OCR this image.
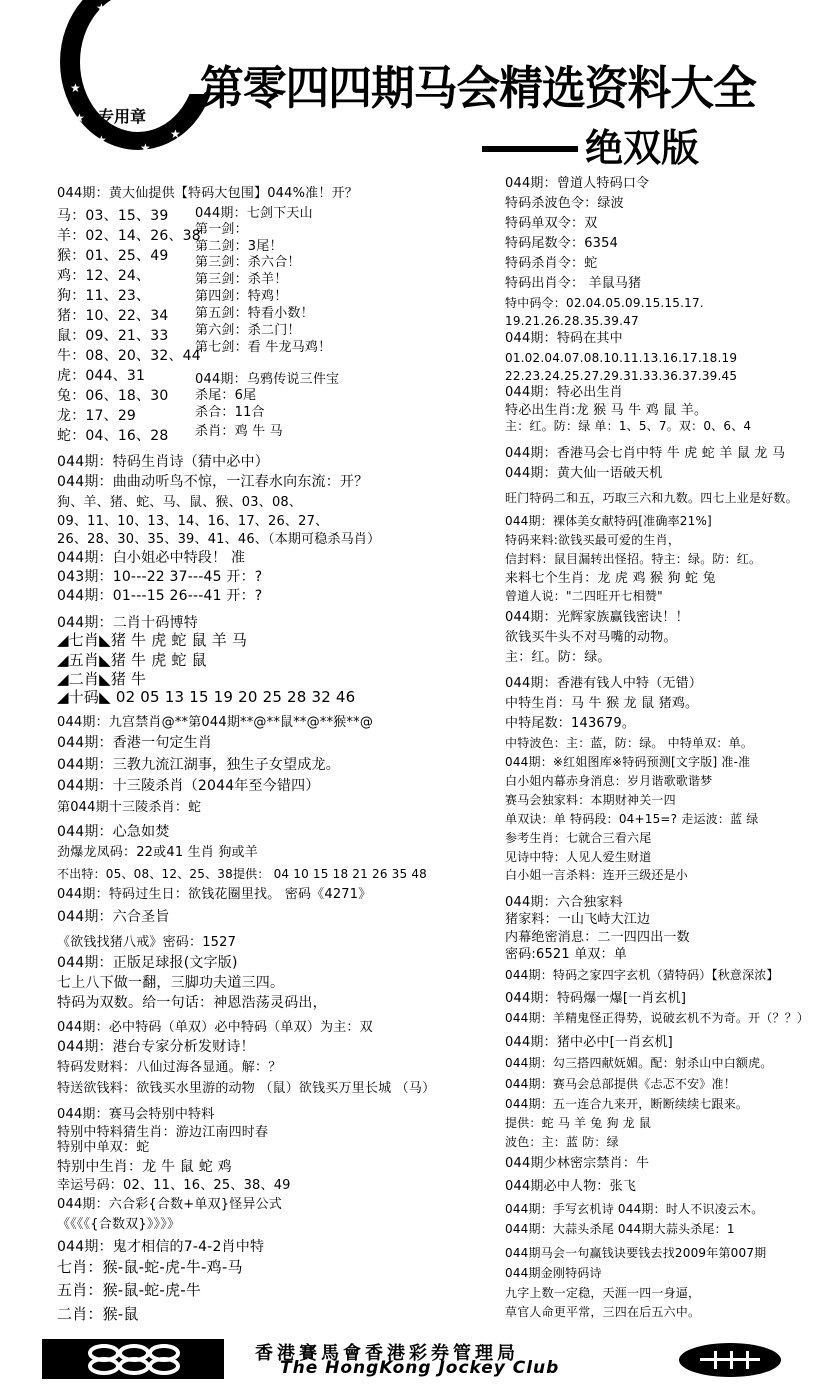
★
★
★
★
★
★
专用章
第零四四期马会精选资料大全
绝双版
044期：黄大仙提供【特码大包围】044%准！开？
马：03、15、39
羊：02、14、26、38
猴：01、25、49
鸡：12、24、
狗：11、23、
猪：10、22、34
鼠：09、21、33
牛：08、20、32、44
虎：044、31
兔：06、18、30
龙：17、29
蛇：04、16、28
044期：七剑下天山
第一剑：
第二剑：3尾！
第三剑：杀六合！
第三剑：杀羊！
第四剑：特鸡！
第五剑：特看小数！
第六剑：杀二门！
第七剑：看 牛龙马鸡！
044期：乌鸦传说三件宝
杀尾：6尾
杀合：11合
杀肖：鸡 牛 马
044期：特码生肖诗（猜中必中）
044期：曲曲动听鸟不惊，一江春水向东流：开？
狗、羊、猪、蛇、马、鼠、猴、03、08、
09、11、10、13、14、16、17、26、27、
26、28、30、35、39、41、46、（本期可稳杀马肖）
044期：白小姐必中特段！ 准
043期：10---22 37---45 开：?
044期：01---15 26---41 开：?
044期：二肖十码博特
◢七肖◣猪 牛 虎 蛇 鼠 羊 马
◢五肖◣猪 牛 虎 蛇 鼠
◢二肖◣猪 牛
◢十码◣ 02 05 13 15 19 20 25 28 32 46
044期：九宫禁肖@**第044期**@**鼠**@**猴**@
044期：香港一句定生肖
044期：三教九流江湖事，独生子女望成龙。
044期：十三陵杀肖（2044年至今错四）
第044期十三陵杀肖：蛇
044期：心急如焚
劲爆龙凤码：22或41 生肖 狗或羊
不出特：05、08、12、25、38提供： 04 10 15 18 21 26 35 48
044期：特码过生日：欲钱花圈里找。 密码《4271》
044期：六合圣旨
《欲钱找猪八戒》密码：1527
044期：正版足球报(文字版)
七上八下做一翻，三脚功夫道三四。
特码为双数。给一句话：神恩浩荡灵码出，
044期：必中特码（单双）必中特码（单双）为主：双
044期：港台专家分析发财诗！
特码发财料：八仙过海各显通。解：？
特送欲钱料：欲钱买水里游的动物 （鼠）欲钱买万里长城 （马）
044期：赛马会特别中特料
特别中特料猜生肖：游边江南四时春
特别中单双：蛇
特别中生肖：龙 牛 鼠 蛇 鸡
幸运号码：02、11、16、25、38、49
044期：六合彩{合数+单双}怪异公式
《《《《{合数双}》》》》
044期：鬼才相信的7-4-2肖中特
七肖：猴-鼠-蛇-虎-牛-鸡-马
五肖：猴-鼠-蛇-虎-牛
二肖：猴-鼠
044期：曾道人特码口令
特码杀波色令：绿波
特码单双令：双
特码尾数令：6354
特码杀肖令：蛇
特码出肖令： 羊鼠马猪
特中码令：02.04.05.09.15.15.17.
19.21.26.28.35.39.47
044期：特码在其中
01.02.04.07.08.10.11.13.16.17.18.19
22.23.24.25.27.29.31.33.36.37.39.45
044期：特必出生肖
特必出生肖:龙 猴 马 牛 鸡 鼠 羊。
主：红。防：绿 单：1、5、7。双：0、6、4
044期：香港马会七肖中特 牛 虎 蛇 羊 鼠 龙 马
044期：黄大仙一语破天机
旺门特码二和五，巧取三六和九数。四七上业是好数。
044期：裸体美女献特码[准确率21%]
特码来料:欲钱买最可爱的生肖，
信封料：鼠目漏转出怪招。特主：绿。防：红。
来料七个生肖：龙 虎 鸡 猴 狗 蛇 兔
曾道人说："二四旺开七相赞"
044期：光辉家族赢钱密诀！！
欲钱买牛头不对马嘴的动物。
主：红。防：绿。
044期：香港有钱人中特（无错）
中特生肖：马 牛 猴 龙 鼠 猪鸡。
中特尾数：143679。
中特波色：主：蓝，防：绿。 中特单双：单。
044期：※红姐图库※特码预测[文字版] 准-准
白小姐内幕赤身消息：岁月谐歌歌谐梦
赛马会独家料：本期财神关一四
单双诀：单 特码段：04+15=? 走运波：蓝 绿
参考生肖：七就合三看六尾
见诗中特：人见人爱生财道
白小姐一言杀料：连开三级还是小
044期：六合独家料
猪家料：一山飞峙大江边
内幕绝密消息：二一四四出一数
密码:6521 单双：单
044期：特码之家四字玄机（猜特码）【秋意深浓】
044期：特码爆一爆[一肖玄机]
044期：羊精鬼怪正得势，说破玄机不为奇。开（？？）
044期：猪中必中[一肖玄机]
044期：勾三搭四献妩媚。配：射杀山中白额虎。
044期：赛马会总部提供《忐忑不安》准！
044期：五一连合九来开，断断续续七跟来。
提供：蛇 马 羊 兔 狗 龙 鼠
波色：主：蓝 防：绿
044期少林密宗禁肖：牛
044期必中人物：张飞
044期：手写玄机诗 044期：时人不识凌云木。
044期：大蒜头杀尾 044期大蒜头杀尾：1
044期马会一句赢钱诀要钱去找2009年第007期
044期金刚特码诗
九字上数一定稳，天涯一四一身逼，
草官人命更平常，三四在后五六中。
香港賽馬會香港彩券管理局
The HongKong Jockey Club
